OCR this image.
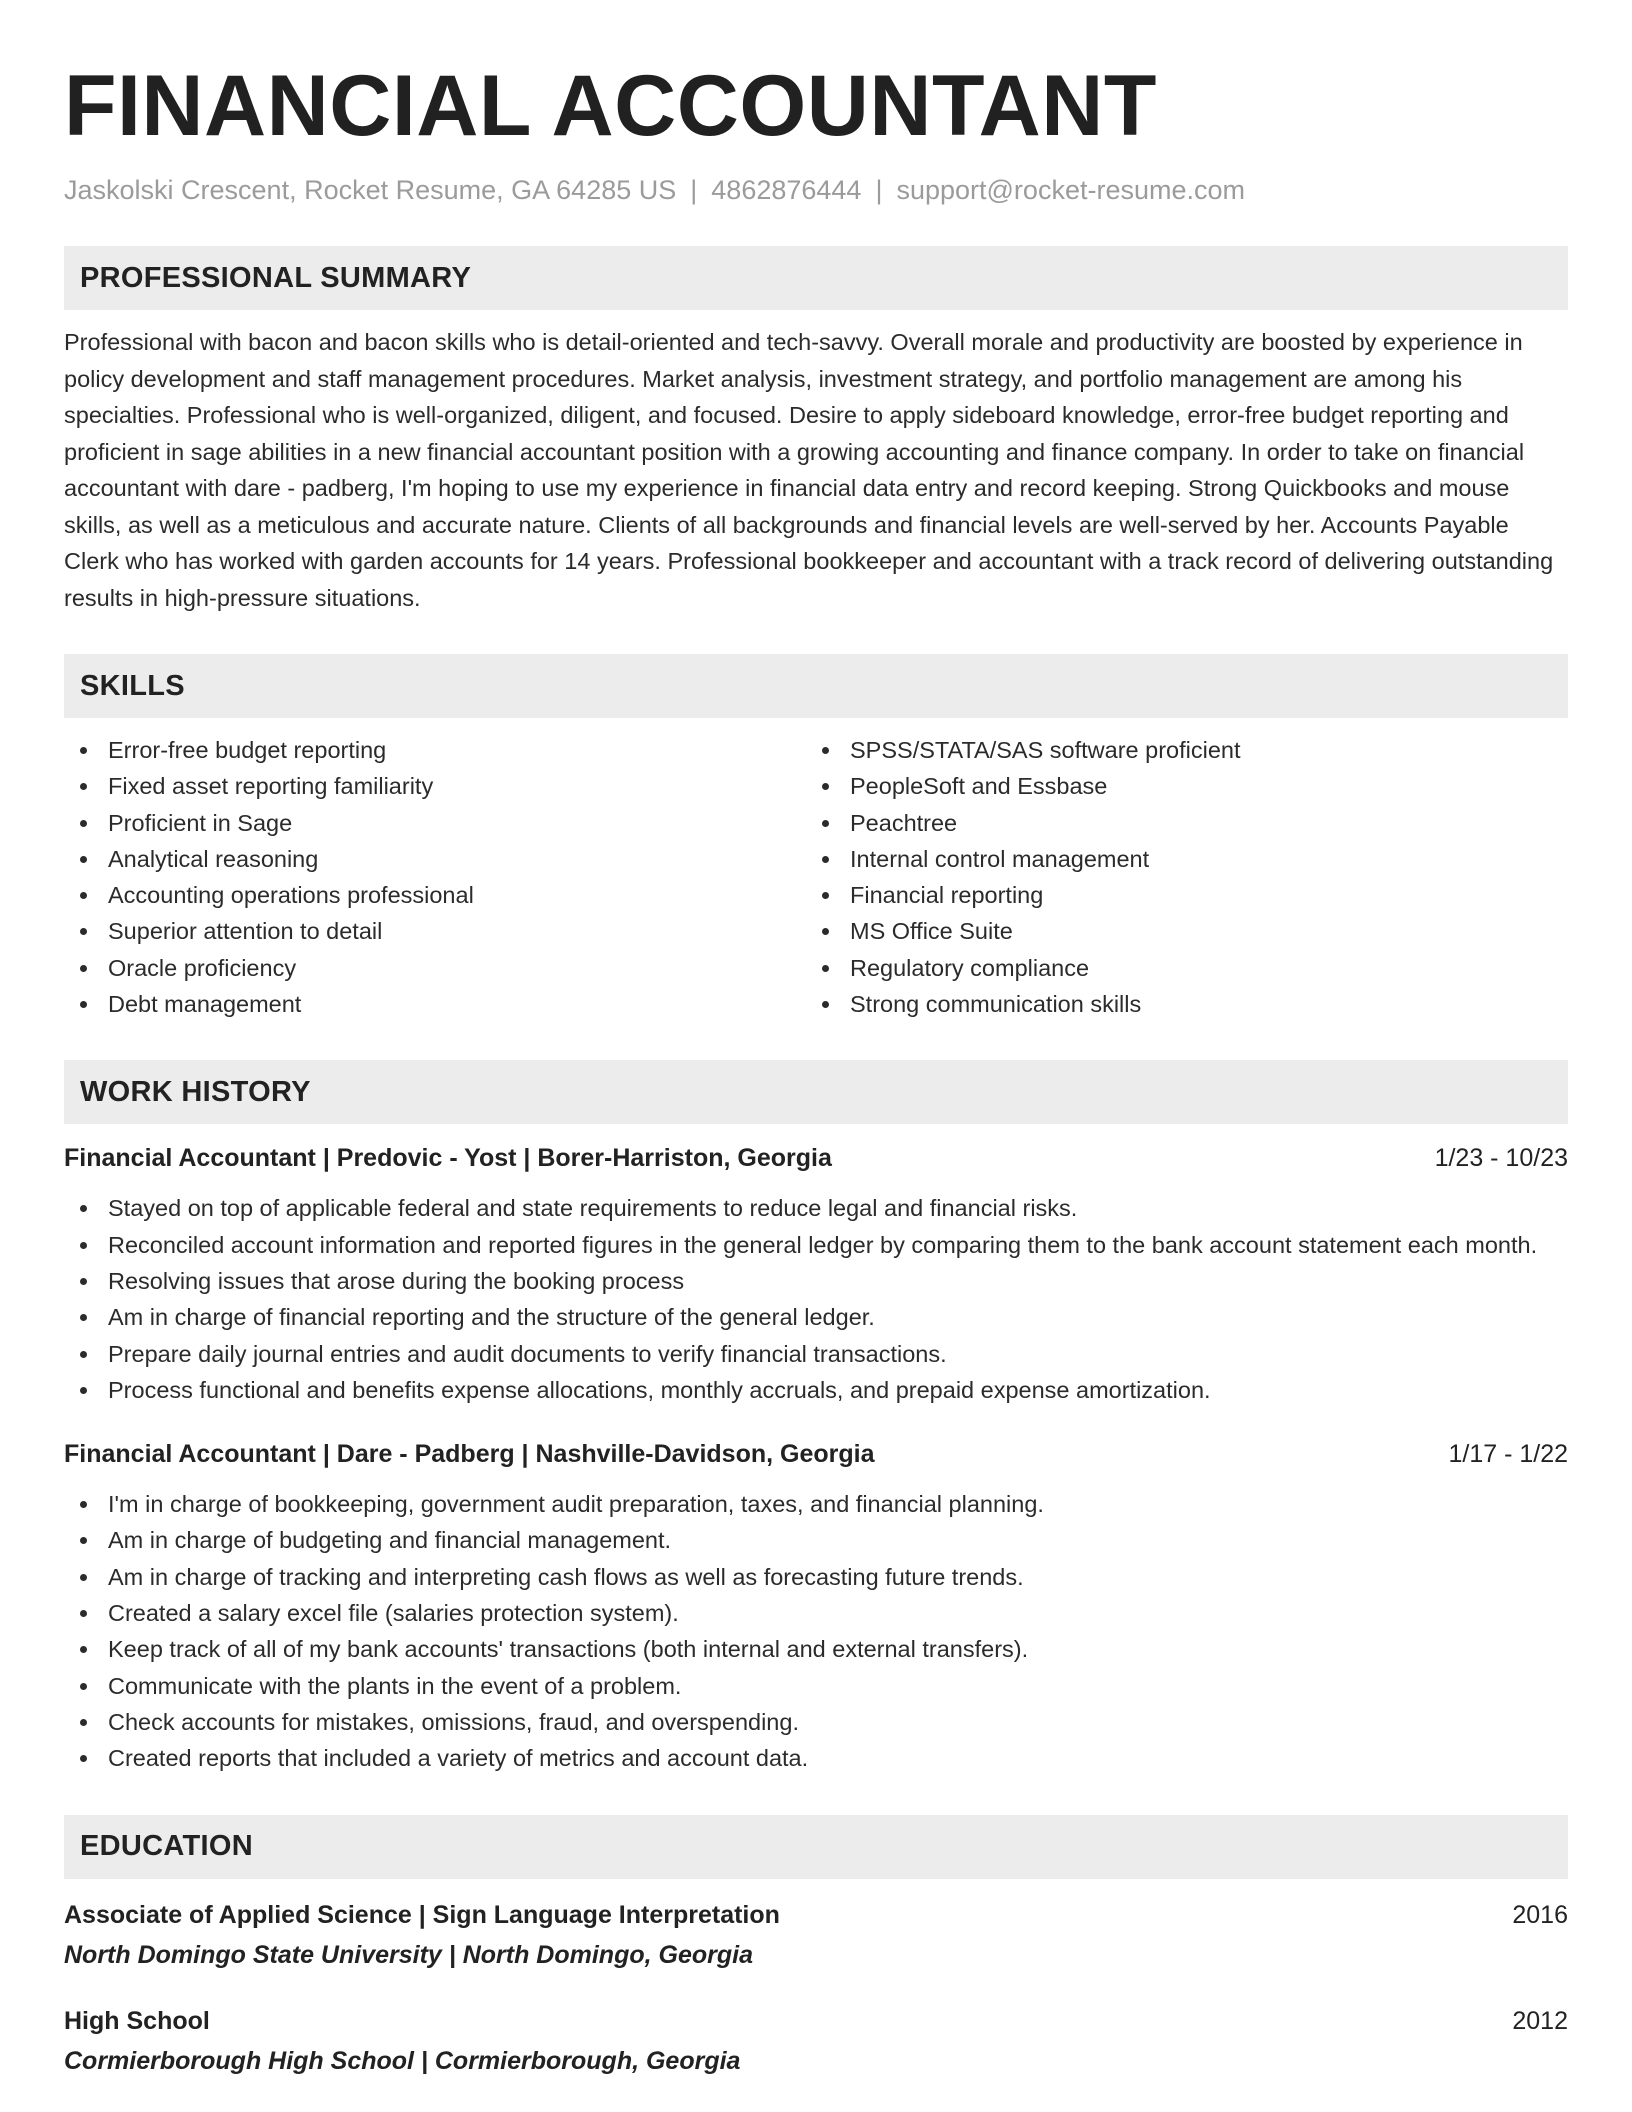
FINANCIAL ACCOUNTANT
Jaskolski Crescent, Rocket Resume, GA 64285 US | 4862876444 | support@rocket-resume.com
PROFESSIONAL SUMMARY
Professional with bacon and bacon skills who is detail-oriented and tech-savvy. Overall morale and productivity are boosted by experience in policy development and staff management procedures. Market analysis, investment strategy, and portfolio management are among his specialties. Professional who is well-organized, diligent, and focused. Desire to apply sideboard knowledge, error-free budget reporting and proficient in sage abilities in a new financial accountant position with a growing accounting and finance company. In order to take on financial accountant with dare - padberg, I'm hoping to use my experience in financial data entry and record keeping. Strong Quickbooks and mouse skills, as well as a meticulous and accurate nature. Clients of all backgrounds and financial levels are well-served by her. Accounts Payable Clerk who has worked with garden accounts for 14 years. Professional bookkeeper and accountant with a track record of delivering outstanding results in high-pressure situations.
SKILLS
Error-free budget reporting
Fixed asset reporting familiarity
Proficient in Sage
Analytical reasoning
Accounting operations professional
Superior attention to detail
Oracle proficiency
Debt management
SPSS/STATA/SAS software proficient
PeopleSoft and Essbase
Peachtree
Internal control management
Financial reporting
MS Office Suite
Regulatory compliance
Strong communication skills
WORK HISTORY
Financial Accountant | Predovic - Yost | Borer-Harriston, Georgia	1/23 - 10/23
Stayed on top of applicable federal and state requirements to reduce legal and financial risks.
Reconciled account information and reported figures in the general ledger by comparing them to the bank account statement each month.
Resolving issues that arose during the booking process
Am in charge of financial reporting and the structure of the general ledger.
Prepare daily journal entries and audit documents to verify financial transactions.
Process functional and benefits expense allocations, monthly accruals, and prepaid expense amortization.
Financial Accountant | Dare - Padberg | Nashville-Davidson, Georgia	1/17 - 1/22
I'm in charge of bookkeeping, government audit preparation, taxes, and financial planning.
Am in charge of budgeting and financial management.
Am in charge of tracking and interpreting cash flows as well as forecasting future trends.
Created a salary excel file (salaries protection system).
Keep track of all of my bank accounts' transactions (both internal and external transfers).
Communicate with the plants in the event of a problem.
Check accounts for mistakes, omissions, fraud, and overspending.
Created reports that included a variety of metrics and account data.
EDUCATION
Associate of Applied Science | Sign Language Interpretation	2016
North Domingo State University | North Domingo, Georgia
High School	2012
Cormierborough High School | Cormierborough, Georgia
